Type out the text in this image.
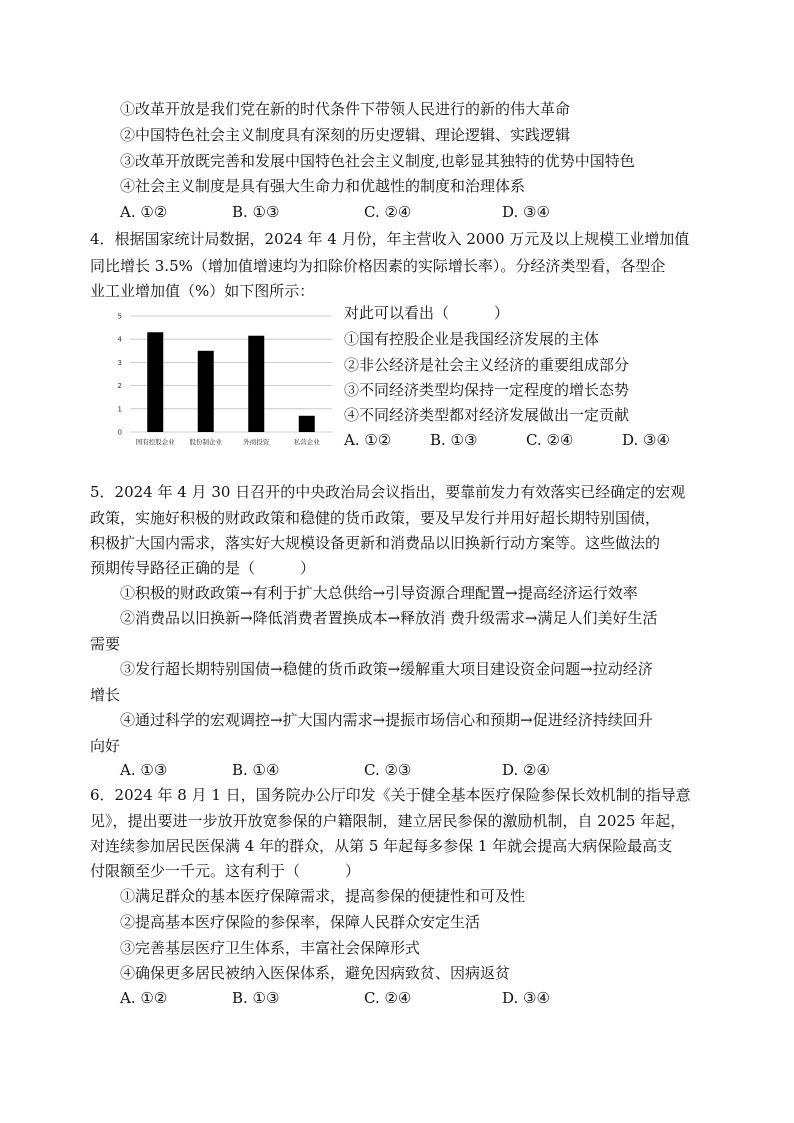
①改革开放是我们党在新的时代条件下带领人民进行的新的伟大革命
②中国特色社会主义制度具有深刻的历史逻辑、理论逻辑、实践逻辑
③改革开放既完善和发展中国特色社会主义制度,也彰显其独特的优势中国特色
④社会主义制度是具有强大生命力和优越性的制度和治理体系
A. ①②	B. ①③	C. ②④	D. ③④
4．根据国家统计局数据，2024 年 4 月份，年主营收入 2000 万元及以上规模工业增加值
同比增长 3.5%（增加值增速均为扣除价格因素的实际增长率）。分经济类型看，各型企
业工业增加值（%）如下图所示：
0
1
2
3
4
5
国有控股企业 股份制企业	外商投资	私营企业
对此可以看出（　　　）
①国有控股企业是我国经济发展的主体
②非公经济是社会主义经济的重要组成部分
③不同经济类型均保持一定程度的增长态势
④不同经济类型都对经济发展做出一定贡献
A. ①②	B. ①③	C. ②④	D. ③④
5．2024 年 4 月 30 日召开的中央政治局会议指出，要靠前发力有效落实已经确定的宏观
政策，实施好积极的财政政策和稳健的货币政策，要及早发行并用好超长期特别国债，
积极扩大国内需求，落实好大规模设备更新和消费品以旧换新行动方案等。这些做法的
预期传导路径正确的是（　　　）
①积极的财政政策→有利于扩大总供给→引导资源合理配置→提高经济运行效率
②消费品以旧换新→降低消费者置换成本→释放消 费升级需求→满足人们美好生活
需要
③发行超长期特别国债→稳健的货币政策→缓解重大项目建设资金问题→拉动经济
增长
④通过科学的宏观调控→扩大国内需求→提振市场信心和预期→促进经济持续回升
向好
A. ①③	B. ①④	C. ②③	D. ②④
6．2024 年 8 月 1 日，国务院办公厅印发《关于健全基本医疗保险参保长效机制的指导意
见》，提出要进一步放开放宽参保的户籍限制，建立居民参保的激励机制，自 2025 年起，
对连续参加居民医保满 4 年的群众，从第 5 年起每多参保 1 年就会提高大病保险最高支
付限额至少一千元。这有利于（　　　）
①满足群众的基本医疗保障需求，提高参保的便捷性和可及性
②提高基本医疗保险的参保率，保障人民群众安定生活
③完善基层医疗卫生体系，丰富社会保障形式
④确保更多居民被纳入医保体系，避免因病致贫、因病返贫
A. ①②	B. ①③	C. ②④	D. ③④
